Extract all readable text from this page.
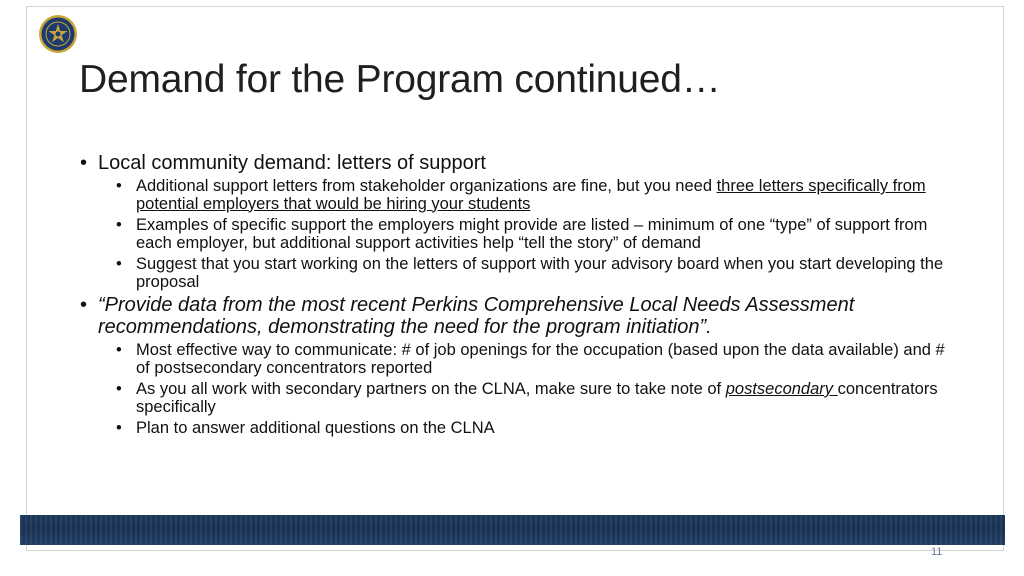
Demand for the Program continued…
• Local community demand: letters of support
• Additional support letters from stakeholder organizations are fine, but you need three letters specifically from potential employers that would be hiring your students
• Examples of specific support the employers might provide are listed – minimum of one “type” of support from each employer, but additional support activities help “tell the story” of demand
• Suggest that you start working on the letters of support with your advisory board when you start developing the proposal
• “Provide data from the most recent Perkins Comprehensive Local Needs Assessment recommendations, demonstrating the need for the program initiation”.
• Most effective way to communicate: # of job openings for the occupation (based upon the data available) and # of postsecondary concentrators reported
• As you all work with secondary partners on the CLNA, make sure to take note of postsecondary concentrators specifically
• Plan to answer additional questions on the CLNA
11
